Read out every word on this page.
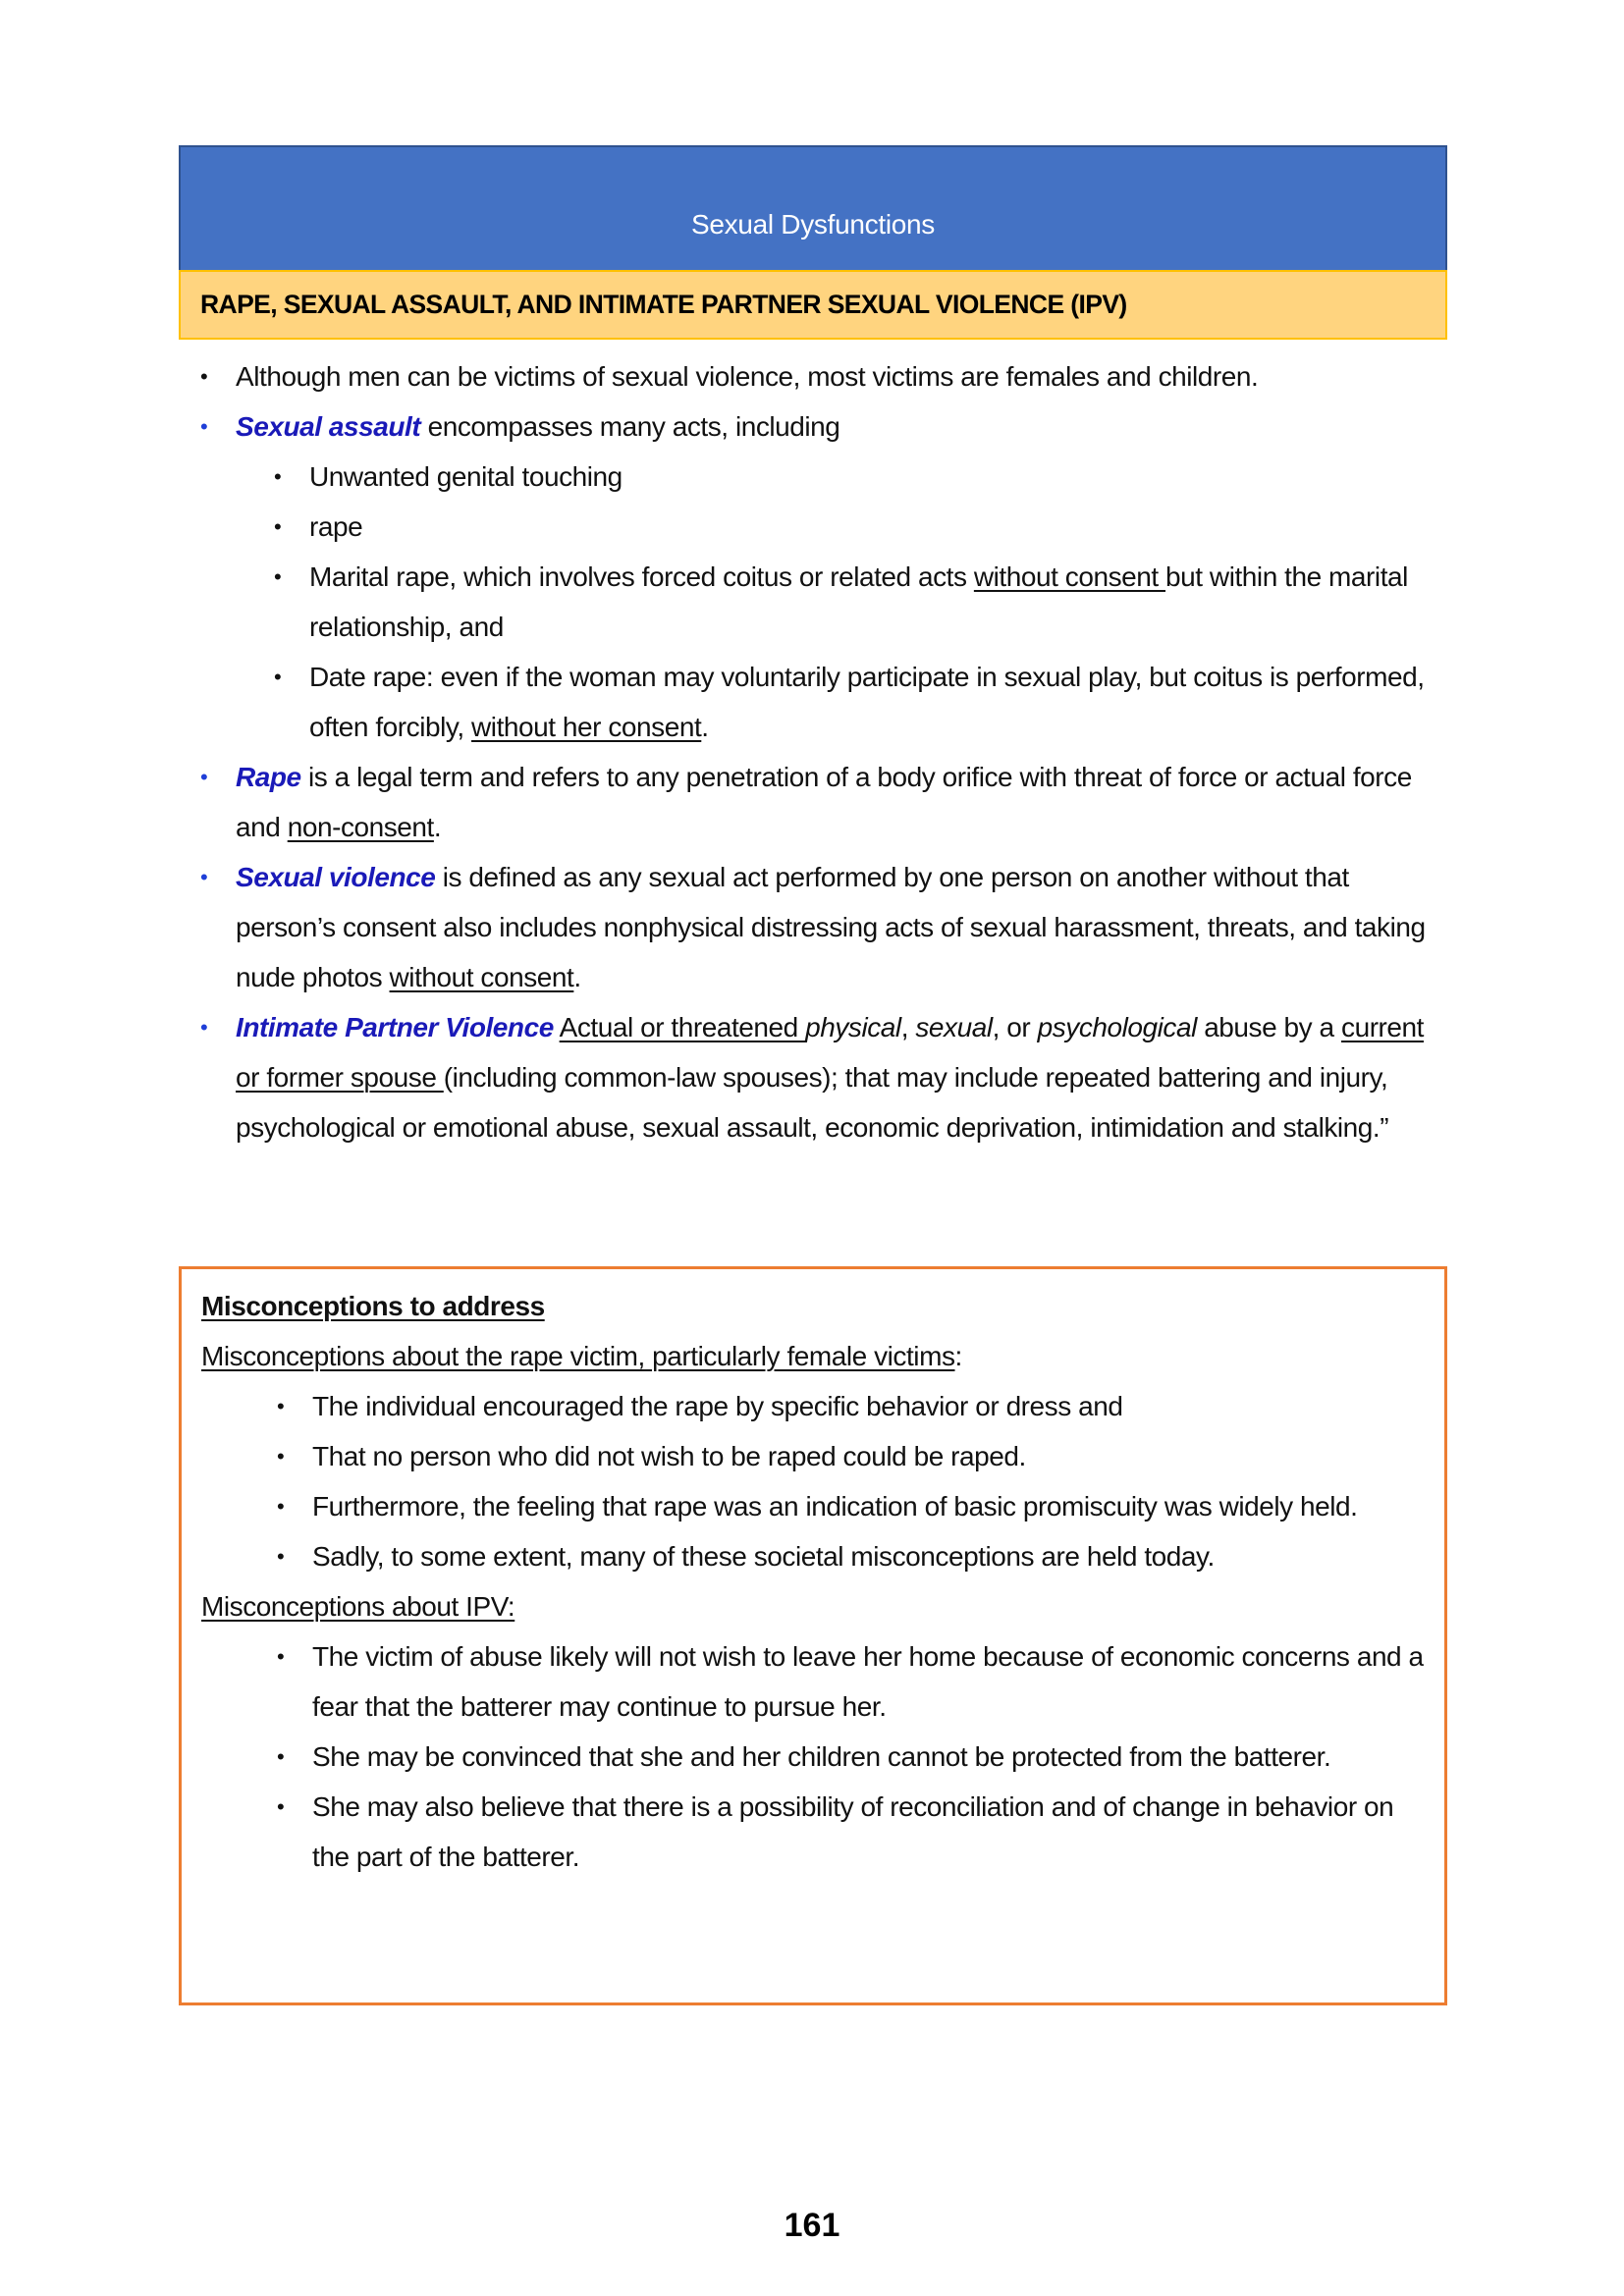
Sexual Dysfunctions
RAPE, SEXUAL ASSAULT, AND INTIMATE PARTNER SEXUAL VIOLENCE (IPV)
• Although men can be victims of sexual violence, most victims are females and children.
• Sexual assault encompasses many acts, including
• Unwanted genital touching
• rape
• Marital rape, which involves forced coitus or related acts without consent but within the marital relationship, and
• Date rape: even if the woman may voluntarily participate in sexual play, but coitus is performed, often forcibly, without her consent.
• Rape is a legal term and refers to any penetration of a body orifice with threat of force or actual force and non-consent.
• Sexual violence is defined as any sexual act performed by one person on another without that person’s consent also includes nonphysical distressing acts of sexual harassment, threats, and taking nude photos without consent.
• Intimate Partner Violence Actual or threatened physical, sexual, or psychological abuse by a current or former spouse (including common-law spouses); that may include repeated battering and injury, psychological or emotional abuse, sexual assault, economic deprivation, intimidation and stalking.”
Misconceptions to address
Misconceptions about the rape victim, particularly female victims:
• The individual encouraged the rape by specific behavior or dress and
• That no person who did not wish to be raped could be raped.
• Furthermore, the feeling that rape was an indication of basic promiscuity was widely held.
• Sadly, to some extent, many of these societal misconceptions are held today.
Misconceptions about IPV:
• The victim of abuse likely will not wish to leave her home because of economic concerns and a fear that the batterer may continue to pursue her.
• She may be convinced that she and her children cannot be protected from the batterer.
• She may also believe that there is a possibility of reconciliation and of change in behavior on the part of the batterer.
161
